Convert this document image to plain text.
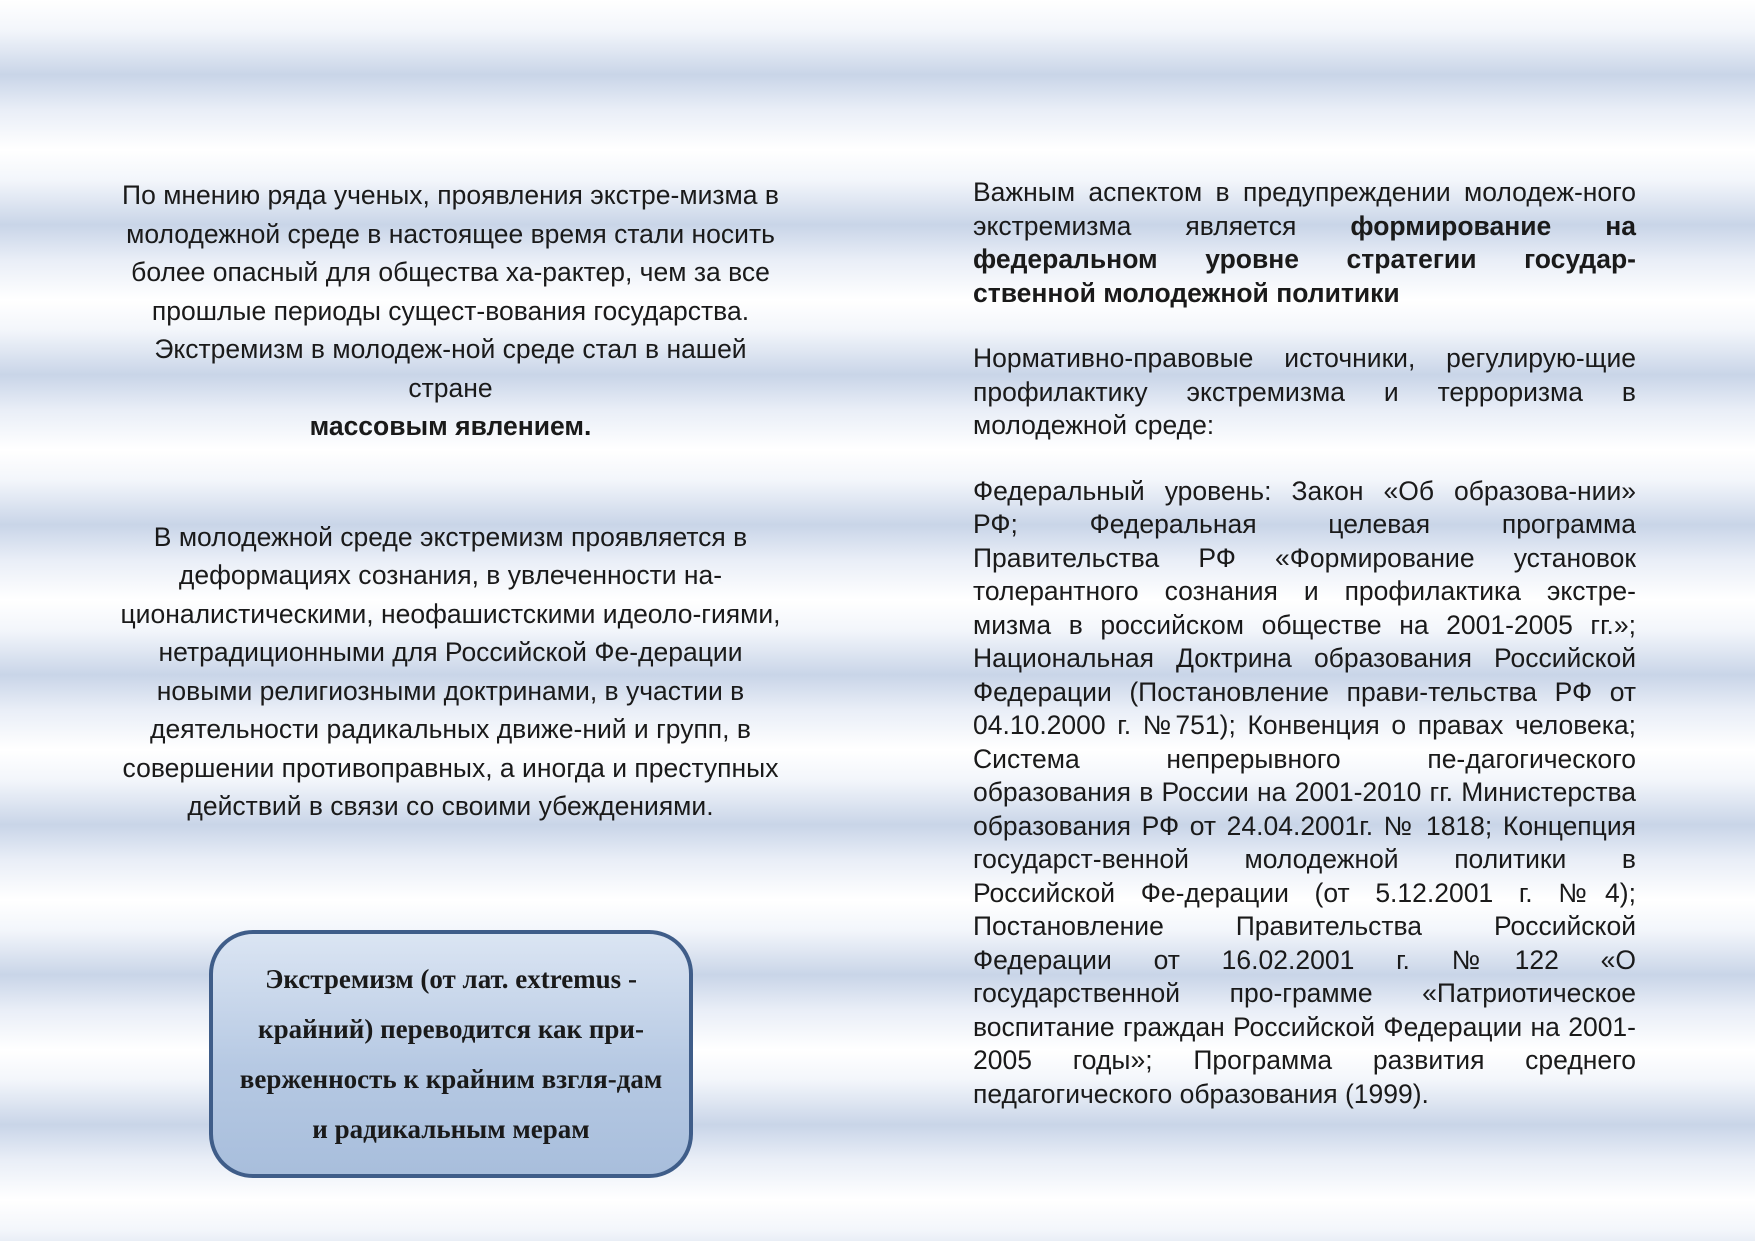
По мнению ряда ученых, проявления экстре-мизма в молодежной среде в настоящее время стали носить более опасный для общества ха-рактер, чем за все прошлые периоды сущест-вования государства. Экстремизм в молодеж-ной среде стал в нашей стране
массовым явлением.

В молодежной среде экстремизм проявляется в деформациях сознания, в увлеченности на-ционалистическими, неофашистскими идеоло-гиями, нетрадиционными для Российской Фе-дерации новыми религиозными доктринами, в участии в деятельности радикальных движе-ний и групп, в совершении противоправных, а иногда и преступных действий в связи со своими убеждениями.

Экстремизм (от лат. extremus - крайний) переводится как при-верженность к крайним взгля-дам и радикальным мерам

Важным аспектом в предупреждении молодеж-ного экстремизма является формирование на федеральном уровне стратегии государ-ственной молодежной политики

Нормативно-правовые источники, регулирую-щие профилактику экстремизма и терроризма в молодежной среде:

Федеральный уровень: Закон «Об образова-нии» РФ; Федеральная целевая программа Правительства РФ «Формирование установок толерантного сознания и профилактика экстре-мизма в российском обществе на 2001-2005 гг.»; Национальная Доктрина образования Российской Федерации (Постановление прави-тельства РФ от 04.10.2000 г. №751); Конвенция о правах человека; Система непрерывного пе-дагогического образования в России на 2001-2010 гг. Министерства образования РФ от 24.04.2001г. № 1818; Концепция государст-венной молодежной политики в Российской Фе-дерации (от 5.12.2001 г. №4); Постановление Правительства Российской Федерации от 16.02.2001 г. №122 «О государственной про-грамме «Патриотическое воспитание граждан Российской Федерации на 2001-2005 годы»; Программа развития среднего педагогического образования (1999).
